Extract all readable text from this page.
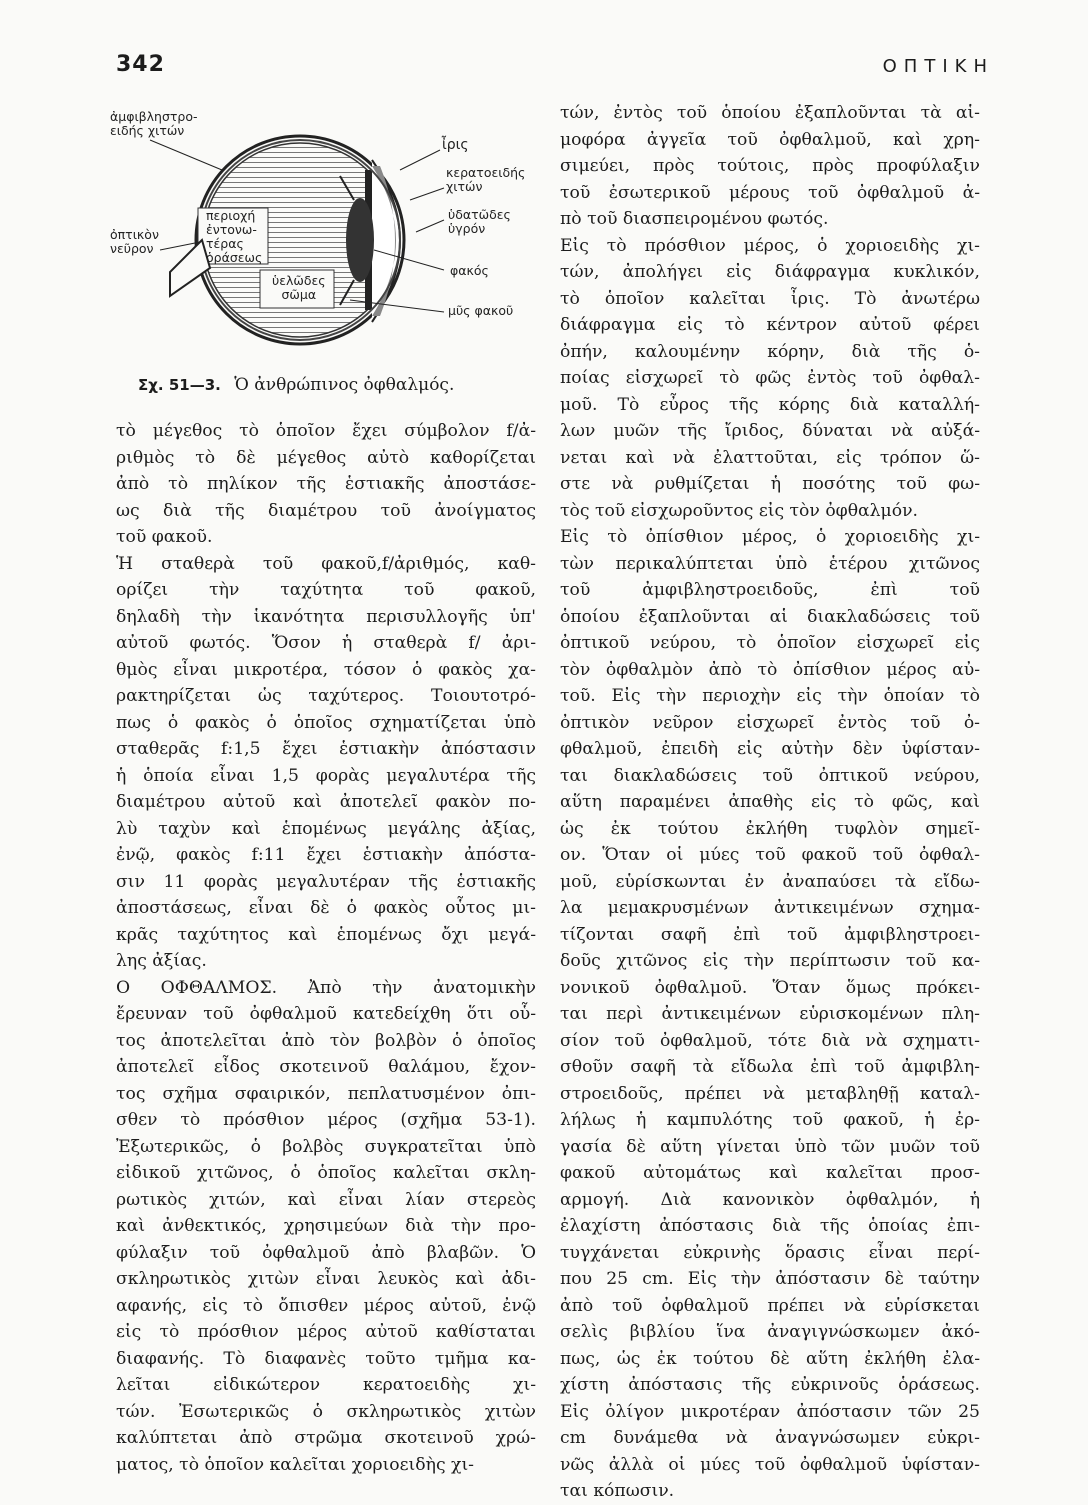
342	ΟΠΤΙΚΗ
ἀμφιβληστρο-
ειδής χιτών
ὀπτικὸν
νεῦρον
περιοχή
ἐντονω-
τέρας
ὁράσεως
ὑελῶδες
σῶμα
ἶρις
κερατοειδής
χιτών
ὑδατῶδες
ὑγρόν
φακός
μῦς φακοῦ
Σχ. 51—3. Ὁ ἀνθρώπινος ὀφθαλμός.
τὸ μέγεθος τὸ ὁποῖον ἔχει σύμβολον f/ἀ-
ριθμὸς τὸ δὲ μέγεθος αὐτὸ καθορίζεται
ἀπὸ τὸ πηλίκον τῆς ἑστιακῆς ἀποστάσε-
ως διὰ τῆς διαμέτρου τοῦ ἀνοίγματος
τοῦ φακοῦ.
Ἡ σταθερὰ τοῦ φακοῦ,f/ἀριθμός, καθ-
ορίζει τὴν ταχύτητα τοῦ φακοῦ,
δηλαδὴ τὴν ἱκανότητα περισυλλογῆς ὑπ'
αὐτοῦ φωτός. Ὅσον ἡ σταθερὰ f/ ἀρι-
θμὸς εἶναι μικροτέρα, τόσον ὁ φακὸς χα-
ρακτηρίζεται ὡς ταχύτερος. Τοιουτοτρό-
πως ὁ φακὸς ὁ ὁποῖος σχηματίζεται ὑπὸ
σταθερᾶς f:1,5 ἔχει ἑστιακὴν ἀπόστασιν
ἡ ὁποία εἶναι 1,5 φορὰς μεγαλυτέρα τῆς
διαμέτρου αὐτοῦ καὶ ἀποτελεῖ φακὸν πο-
λὺ ταχὺν καὶ ἑπομένως μεγάλης ἀξίας,
ἐνῷ, φακὸς f:11 ἔχει ἑστιακὴν ἀπόστα-
σιν 11 φορὰς μεγαλυτέραν τῆς ἑστιακῆς
ἀποστάσεως, εἶναι δὲ ὁ φακὸς οὗτος μι-
κρᾶς ταχύτητος καὶ ἑπομένως ὄχι μεγά-
λης ἀξίας.
Ο ΟΦΘΑΛΜΟΣ. Ἀπὸ τὴν ἀνατομικὴν
ἔρευναν τοῦ ὀφθαλμοῦ κατεδείχθη ὅτι οὗ-
τος ἀποτελεῖται ἀπὸ τὸν βολβὸν ὁ ὁποῖος
ἀποτελεῖ εἶδος σκοτεινοῦ θαλάμου, ἔχον-
τος σχῆμα σφαιρικόν, πεπλατυσμένον ὀπι-
σθεν τὸ πρόσθιον μέρος (σχῆμα 53-1).
Ἐξωτερικῶς, ὁ βολβὸς συγκρατεῖται ὑπὸ
εἰδικοῦ χιτῶνος, ὁ ὁποῖος καλεῖται σκλη-
ρωτικὸς χιτών, καὶ εἶναι λίαν στερεὸς
καὶ ἀνθεκτικός, χρησιμεύων διὰ τὴν προ-
φύλαξιν τοῦ ὀφθαλμοῦ ἀπὸ βλαβῶν. Ὁ
σκληρωτικὸς χιτὼν εἶναι λευκὸς καὶ ἀδι-
αφανής, εἰς τὸ ὄπισθεν μέρος αὐτοῦ, ἐνῷ
εἰς τὸ πρόσθιον μέρος αὐτοῦ καθίσταται
διαφανής. Τὸ διαφανὲς τοῦτο τμῆμα κα-
λεῖται εἰδικώτερον κερατοειδὴς χι-
τών. Ἐσωτερικῶς ὁ σκληρωτικὸς χιτὼν
καλύπτεται ἀπὸ στρῶμα σκοτεινοῦ χρώ-
ματος, τὸ ὁποῖον καλεῖται χοριοειδὴς χι-
τών, ἐντὸς τοῦ ὁποίου ἐξαπλοῦνται τὰ αἱ-
μοφόρα ἀγγεῖα τοῦ ὀφθαλμοῦ, καὶ χρη-
σιμεύει, πρὸς τούτοις, πρὸς προφύλαξιν
τοῦ ἐσωτερικοῦ μέρους τοῦ ὀφθαλμοῦ ἀ-
πὸ τοῦ διασπειρομένου φωτός.
Εἰς τὸ πρόσθιον μέρος, ὁ χοριοειδὴς χι-
τών, ἀπολήγει εἰς διάφραγμα κυκλικόν,
τὸ ὁποῖον καλεῖται ἶρις. Τὸ ἀνωτέρω
διάφραγμα εἰς τὸ κέντρον αὐτοῦ φέρει
ὀπήν, καλουμένην κόρην, διὰ τῆς ὁ-
ποίας εἰσχωρεῖ τὸ φῶς ἐντὸς τοῦ ὀφθαλ-
μοῦ. Τὸ εὖρος τῆς κόρης διὰ καταλλή-
λων μυῶν τῆς ἴριδος, δύναται νὰ αὐξά-
νεται καὶ νὰ ἐλαττοῦται, εἰς τρόπον ὥ-
στε νὰ ρυθμίζεται ἡ ποσότης τοῦ φω-
τὸς τοῦ εἰσχωροῦντος εἰς τὸν ὀφθαλμόν.
Εἰς τὸ ὀπίσθιον μέρος, ὁ χοριοειδὴς χι-
τὼν περικαλύπτεται ὑπὸ ἑτέρου χιτῶνος
τοῦ ἀμφιβληστροειδοῦς, ἐπὶ τοῦ
ὁποίου ἐξαπλοῦνται αἱ διακλαδώσεις τοῦ
ὀπτικοῦ νεύρου, τὸ ὁποῖον εἰσχωρεῖ εἰς
τὸν ὀφθαλμὸν ἀπὸ τὸ ὀπίσθιον μέρος αὐ-
τοῦ. Εἰς τὴν περιοχὴν εἰς τὴν ὁποίαν τὸ
ὀπτικὸν νεῦρον εἰσχωρεῖ ἐντὸς τοῦ ὀ-
φθαλμοῦ, ἐπειδὴ εἰς αὐτὴν δὲν ὑφίσταν-
ται διακλαδώσεις τοῦ ὀπτικοῦ νεύρου,
αὕτη παραμένει ἀπαθὴς εἰς τὸ φῶς, καὶ
ὡς ἐκ τούτου ἐκλήθη τυφλὸν σημεῖ-
ον. Ὅταν οἱ μύες τοῦ φακοῦ τοῦ ὀφθαλ-
μοῦ, εὑρίσκωνται ἐν ἀναπαύσει τὰ εἴδω-
λα μεμακρυσμένων ἀντικειμένων σχημα-
τίζονται σαφῆ ἐπὶ τοῦ ἀμφιβληστροει-
δοῦς χιτῶνος εἰς τὴν περίπτωσιν τοῦ κα-
νονικοῦ ὀφθαλμοῦ. Ὅταν ὅμως πρόκει-
ται περὶ ἀντικειμένων εὑρισκομένων πλη-
σίον τοῦ ὀφθαλμοῦ, τότε διὰ νὰ σχηματι-
σθοῦν σαφῆ τὰ εἴδωλα ἐπὶ τοῦ ἀμφιβλη-
στροειδοῦς, πρέπει νὰ μεταβληθῇ καταλ-
λήλως ἡ καμπυλότης τοῦ φακοῦ, ἡ ἐρ-
γασία δὲ αὕτη γίνεται ὑπὸ τῶν μυῶν τοῦ
φακοῦ αὐτομάτως καὶ καλεῖται προσ-
αρμογή. Διὰ κανονικὸν ὀφθαλμόν, ἡ
ἐλαχίστη ἀπόστασις διὰ τῆς ὁποίας ἐπι-
τυγχάνεται εὐκρινὴς ὅρασις εἶναι περί-
που 25 cm. Εἰς τὴν ἀπόστασιν δὲ ταύτην
ἀπὸ τοῦ ὀφθαλμοῦ πρέπει νὰ εὑρίσκεται
σελὶς βιβλίου ἵνα ἀναγιγνώσκωμεν ἀκό-
πως, ὡς ἐκ τούτου δὲ αὕτη ἐκλήθη ἐλα-
χίστη ἀπόστασις τῆς εὐκρινοῦς ὁράσεως.
Εἰς ὀλίγον μικροτέραν ἀπόστασιν τῶν 25
cm δυνάμεθα νὰ ἀναγνώσωμεν εὐκρι-
νῶς ἀλλὰ οἱ μύες τοῦ ὀφθαλμοῦ ὑφίσταν-
ται κόπωσιν.
